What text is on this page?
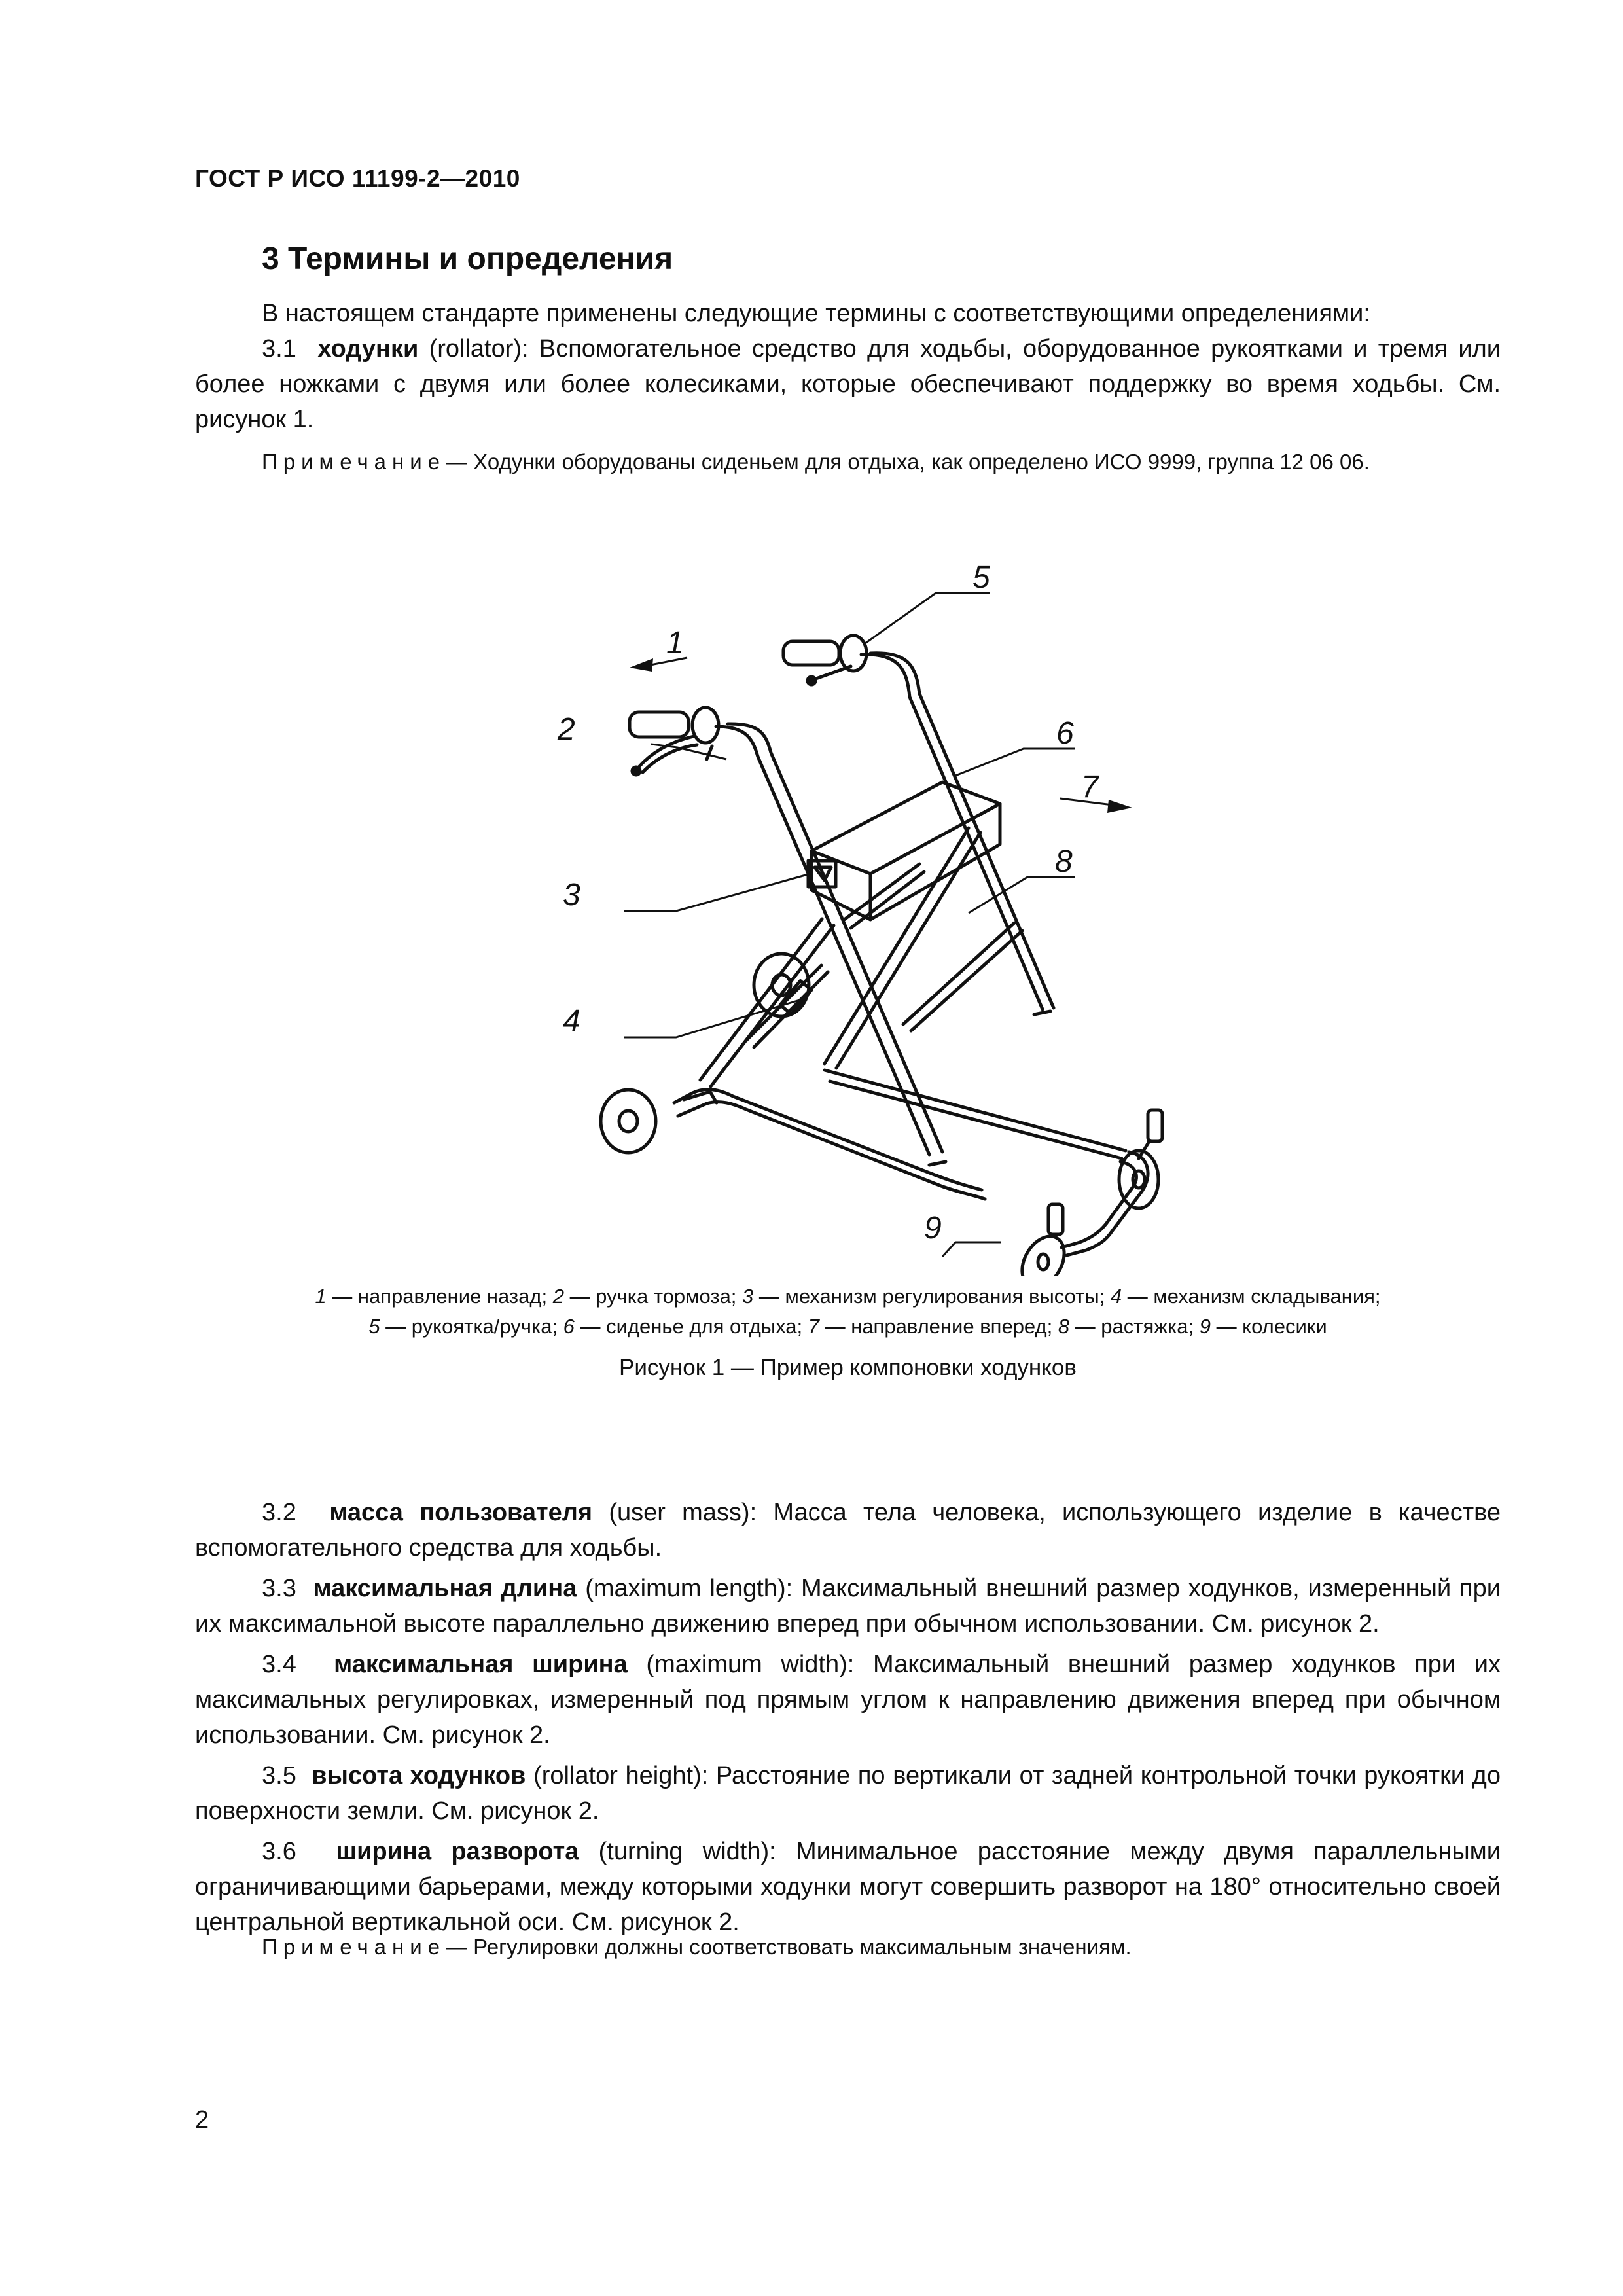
ГОСТ Р ИСО 11199-2—2010
3 Термины и определения

В настоящем стандарте применены следующие термины с соответствующими определениями:

3.1 ходунки (rollator): Вспомогательное средство для ходьбы, оборудованное рукоятками и тремя или более ножками с двумя или более колесиками, которые обеспечивают поддержку во время ходьбы. См. рисунок 1.

Примечание— Ходунки оборудованы сиденьем для отдыха, как определено ИСО 9999, группа 12 06 06.
5
1
2	6
7
8
3
4
9
1 — направление назад; 2 — ручка тормоза; 3 — механизм регулирования высоты; 4 — механизм складывания;
5 — рукоятка/ручка; 6 — сиденье для отдыха; 7 — направление вперед; 8 — растяжка; 9 — колесики
Рисунок 1 — Пример компоновки ходунков

3.2 масса пользователя (user mass): Масса тела человека, использующего изделие в качестве вспомогательного средства для ходьбы.

3.3 максимальная длина (maximum length): Максимальный внешний размер ходунков, измеренный при их максимальной высоте параллельно движению вперед при обычном использовании. См. рисунок 2.

3.4 максимальная ширина (maximum width): Максимальный внешний размер ходунков при их максимальных регулировках, измеренный под прямым углом к направлению движения вперед при обычном использовании. См. рисунок 2.

3.5 высота ходунков (rollator height): Расстояние по вертикали от задней контрольной точки рукоятки до поверхности земли. См. рисунок 2.

3.6 ширина разворота (turning width): Минимальное расстояние между двумя параллельными ограничивающими барьерами, между которыми ходунки могут совершить разворот на 180° относительно своей центральной вертикальной оси. См. рисунок 2.

Примечание— Регулировки должны соответствовать максимальным значениям.
2
